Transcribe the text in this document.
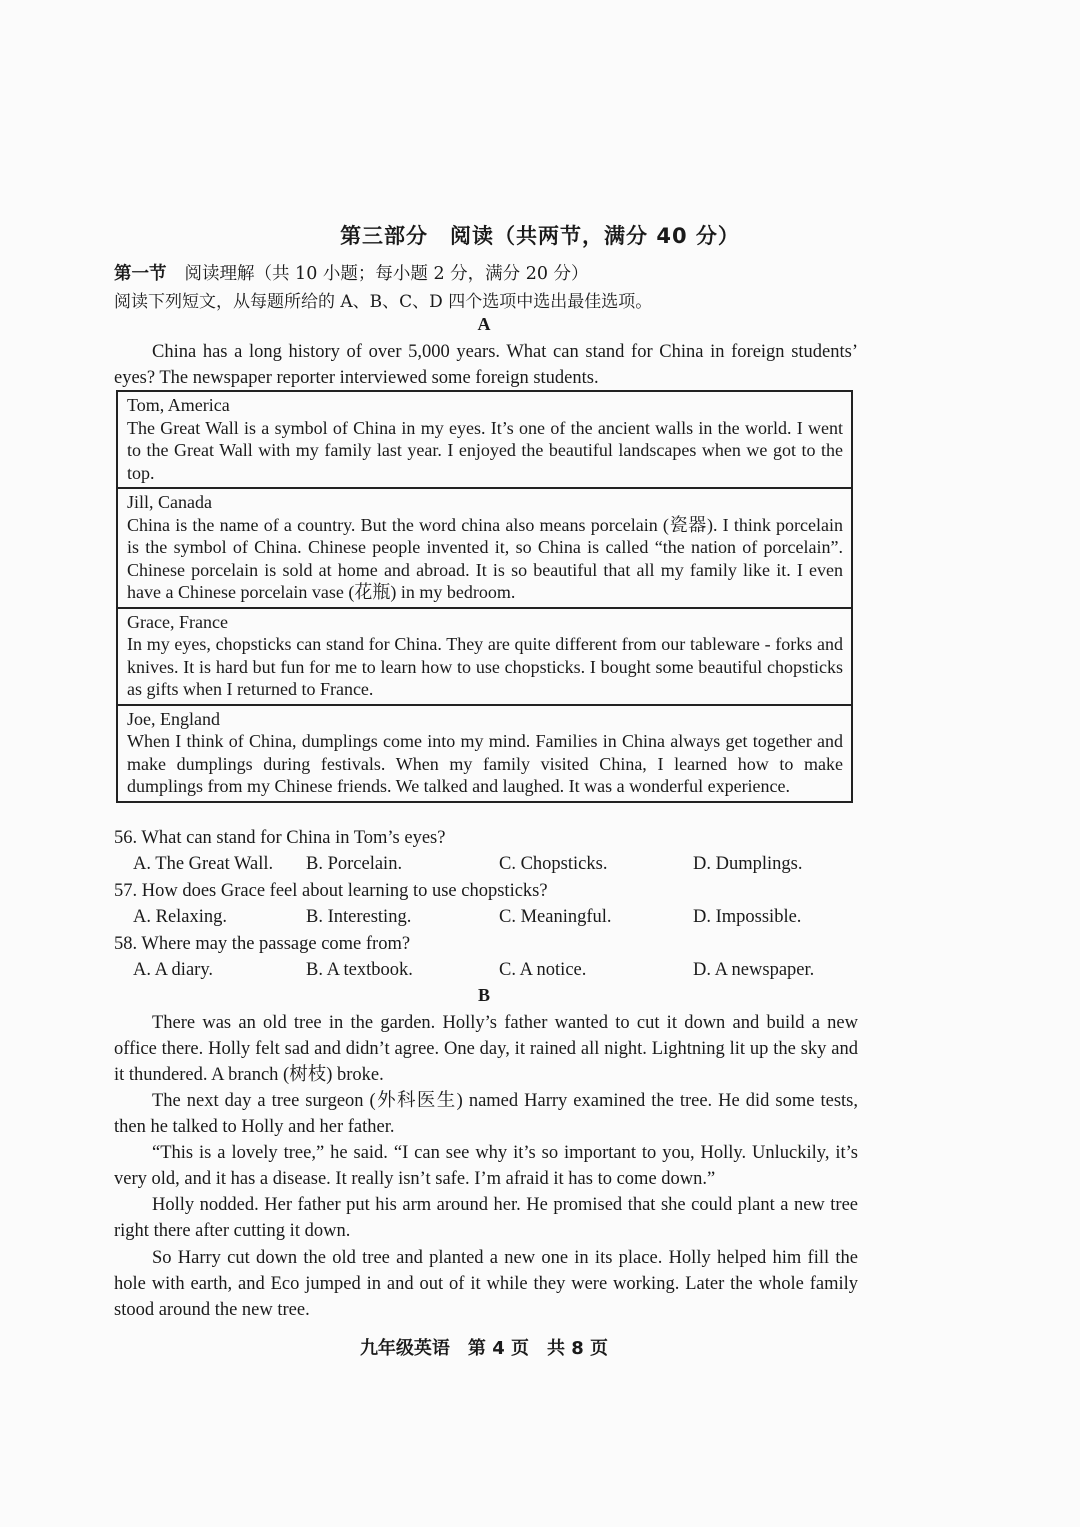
第三部分　阅读（共两节，满分 40 分）
第一节 阅读理解（共 10 小题；每小题 2 分，满分 20 分）
阅读下列短文，从每题所给的 A、B、C、D 四个选项中选出最佳选项。
A
China has a long history of over 5,000 years. What can stand for China in foreign students’ eyes? The newspaper reporter interviewed some foreign students.
Tom, America
The Great Wall is a symbol of China in my eyes. It’s one of the ancient walls in the world. I went to the Great Wall with my family last year. I enjoyed the beautiful landscapes when we got to the top.
Jill, Canada
China is the name of a country. But the word china also means porcelain (瓷器). I think porcelain is the symbol of China. Chinese people invented it, so China is called “the nation of porcelain”. Chinese porcelain is sold at home and abroad. It is so beautiful that all my family like it. I even have a Chinese porcelain vase (花瓶) in my bedroom.
Grace, France
In my eyes, chopsticks can stand for China. They are quite different from our tableware - forks and knives. It is hard but fun for me to learn how to use chopsticks. I bought some beautiful chopsticks as gifts when I returned to France.
Joe, England
When I think of China, dumplings come into my mind. Families in China always get together and make dumplings during festivals. When my family visited China, I learned how to make dumplings from my Chinese friends. We talked and laughed. It was a wonderful experience.
56. What can stand for China in Tom’s eyes?
A. The Great Wall. B. Porcelain.	C. Chopsticks.	D. Dumplings.
57. How does Grace feel about learning to use chopsticks?
A. Relaxing.	B. Interesting.	C. Meaningful.	D. Impossible.
58. Where may the passage come from?
A. A diary.	B. A textbook.	C. A notice.	D. A newspaper.
B
There was an old tree in the garden. Holly’s father wanted to cut it down and build a new office there. Holly felt sad and didn’t agree. One day, it rained all night. Lightning lit up the sky and it thundered. A branch (树枝) broke.
The next day a tree surgeon (外科医生) named Harry examined the tree. He did some tests, then he talked to Holly and her father.
“This is a lovely tree,” he said. “I can see why it’s so important to you, Holly. Unluckily, it’s very old, and it has a disease. It really isn’t safe. I’m afraid it has to come down.”
Holly nodded. Her father put his arm around her. He promised that she could plant a new tree right there after cutting it down.
So Harry cut down the old tree and planted a new one in its place. Holly helped him fill the hole with earth, and Eco jumped in and out of it while they were working. Later the whole family stood around the new tree.
九年级英语　第 4 页　共 8 页
